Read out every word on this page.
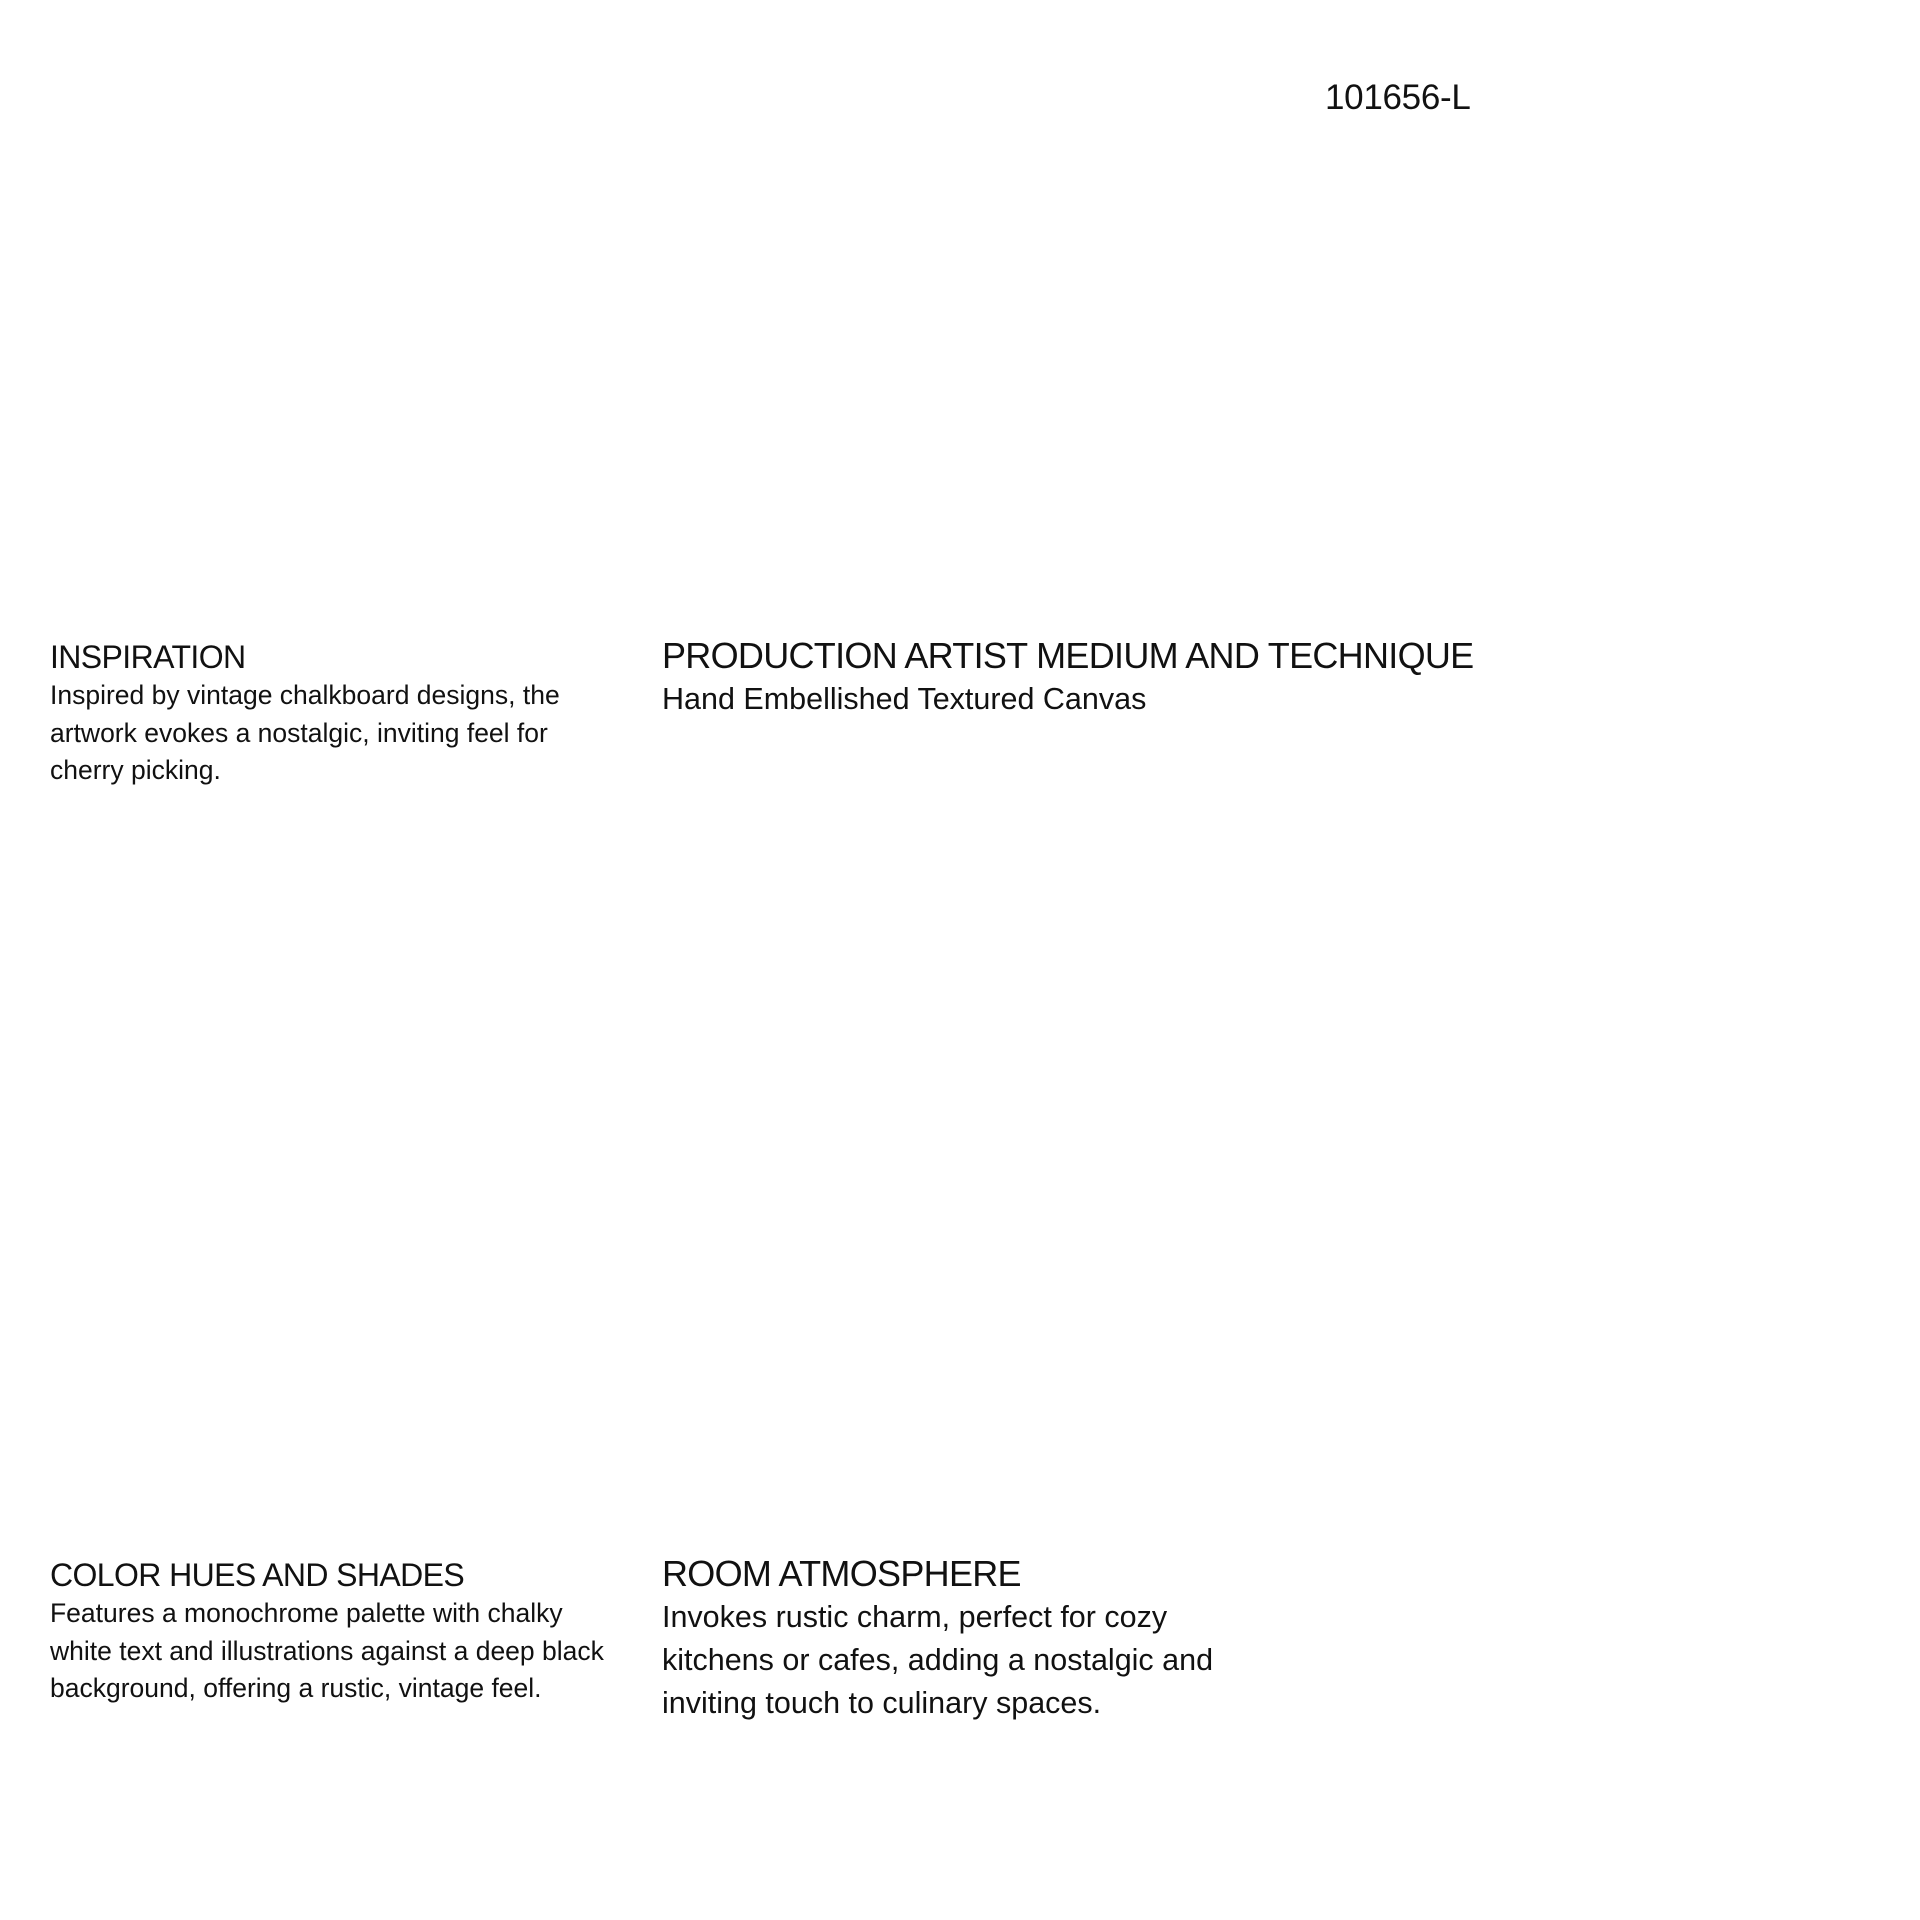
101656-L
INSPIRATION
Inspired by vintage chalkboard designs, the artwork evokes a nostalgic, inviting feel for cherry picking.
PRODUCTION ARTIST MEDIUM AND TECHNIQUE
Hand Embellished Textured Canvas
COLOR HUES AND SHADES
Features a monochrome palette with chalky white text and illustrations against a deep black background, offering a rustic, vintage feel.
ROOM ATMOSPHERE
Invokes rustic charm, perfect for cozy kitchens or cafes, adding a nostalgic and inviting touch to culinary spaces.
